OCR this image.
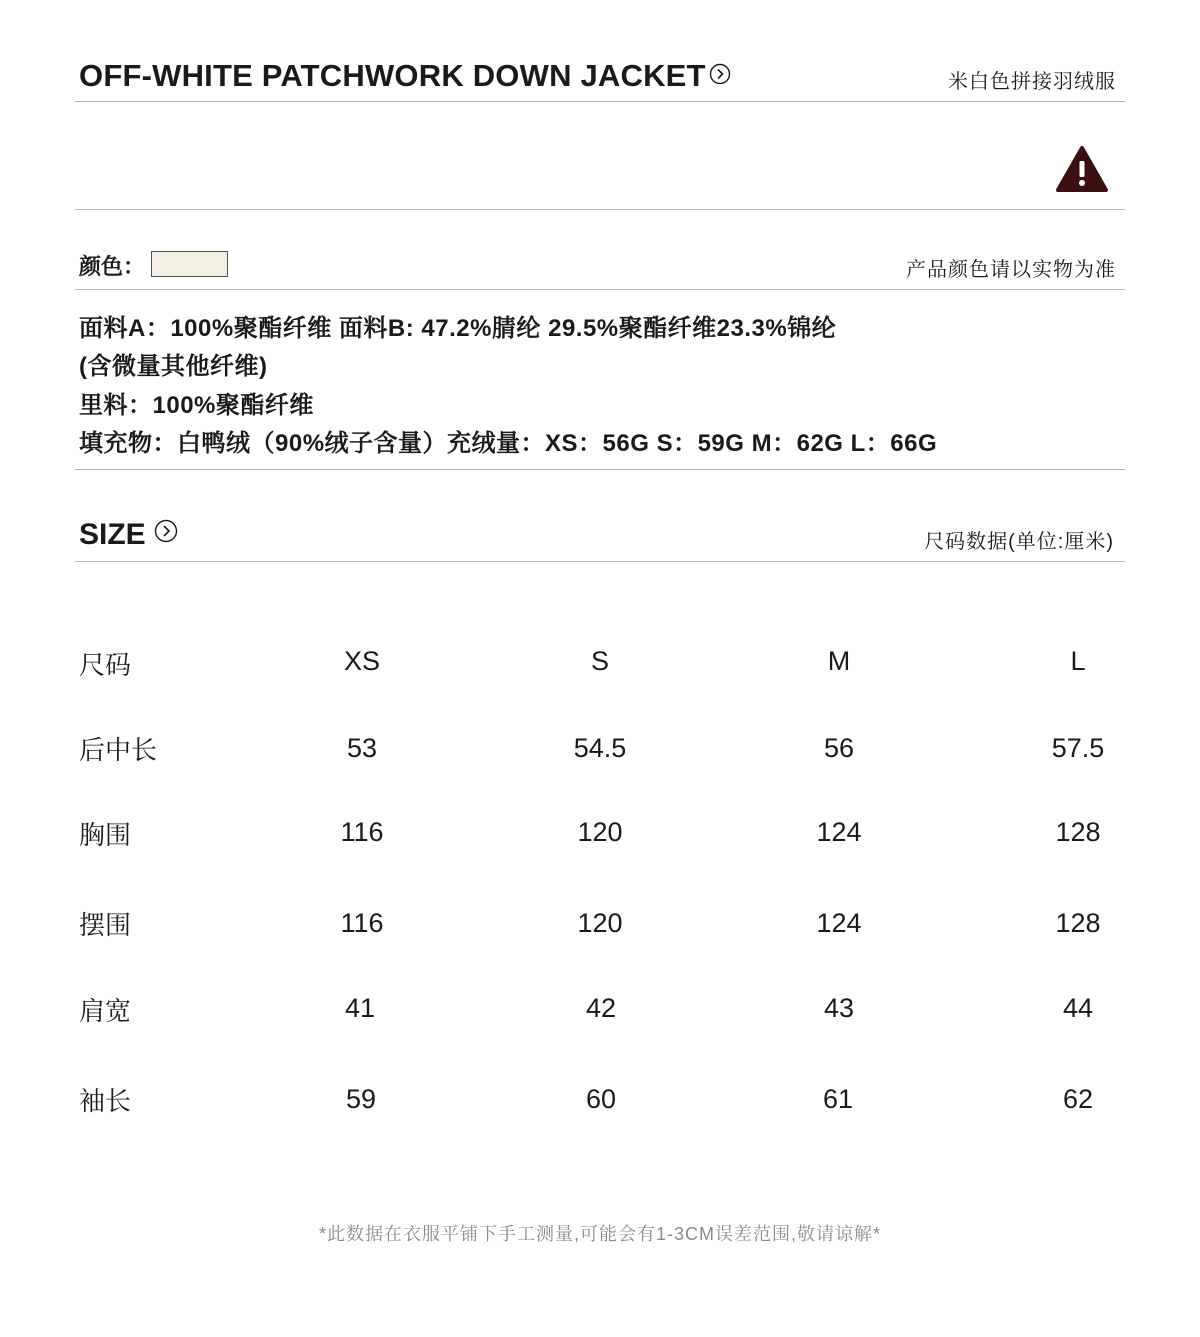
OFF-WHITE PATCHWORK DOWN JACKET	米白色拼接羽绒服
颜色：	产品颜色请以实物为准
面料A：100%聚酯纤维 面料B: 47.2%腈纶 29.5%聚酯纤维23.3%锦纶
(含微量其他纤维)
里料：100%聚酯纤维
填充物：白鸭绒（90%绒子含量）充绒量：XS：56G S：59G M：62G L：66G
SIZE	尺码数据(单位:厘米)
尺码	XS	S	M	L
后中长	53	54.5	56	57.5
胸围	116	120	124	128
摆围	116	120	124	128
肩宽	41	42	43	44
袖长	59	60	61	62
*此数据在衣服平铺下手工测量,可能会有1-3CM误差范围,敬请谅解*
